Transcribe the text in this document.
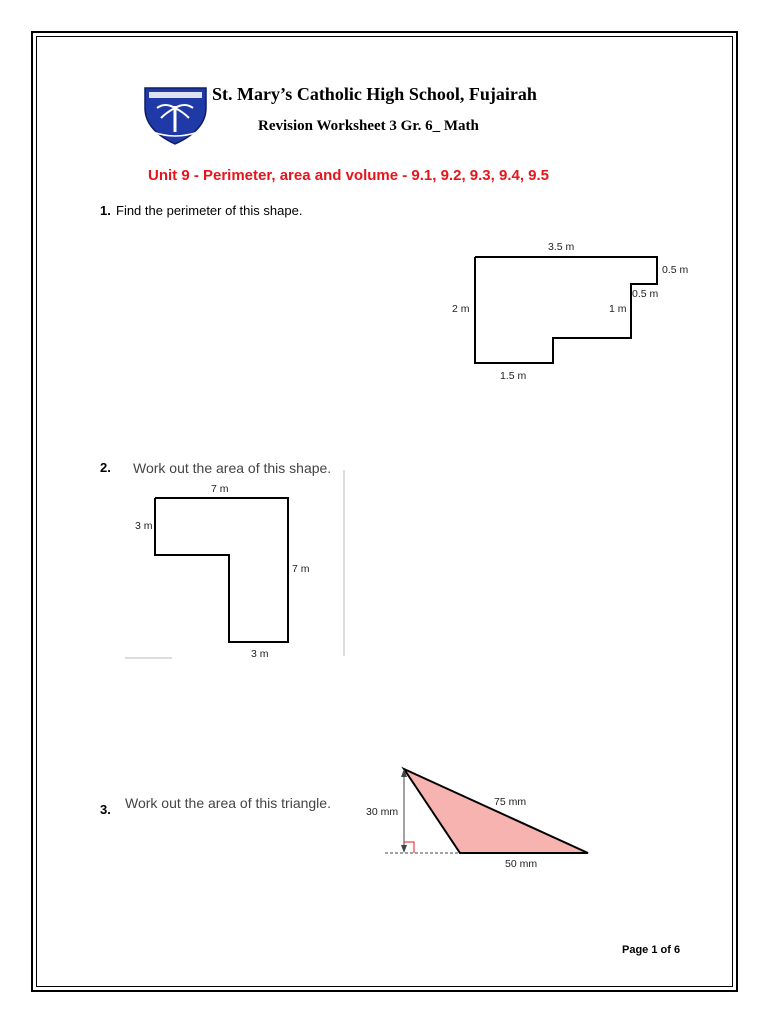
St. Mary’s Catholic High School, Fujairah
Revision Worksheet 3 Gr. 6_ Math
Unit 9 - Perimeter, area and volume - 9.1, 9.2, 9.3, 9.4, 9.5
1. Find the perimeter of this shape.
3.5 m
0.5 m
0.5 m
1 m
2 m
1.5 m
2. Work out the area of this shape.
7 m
3 m
7 m
3 m
3. Work out the area of this triangle.
30 mm
75 mm
50 mm
Page 1 of 6
